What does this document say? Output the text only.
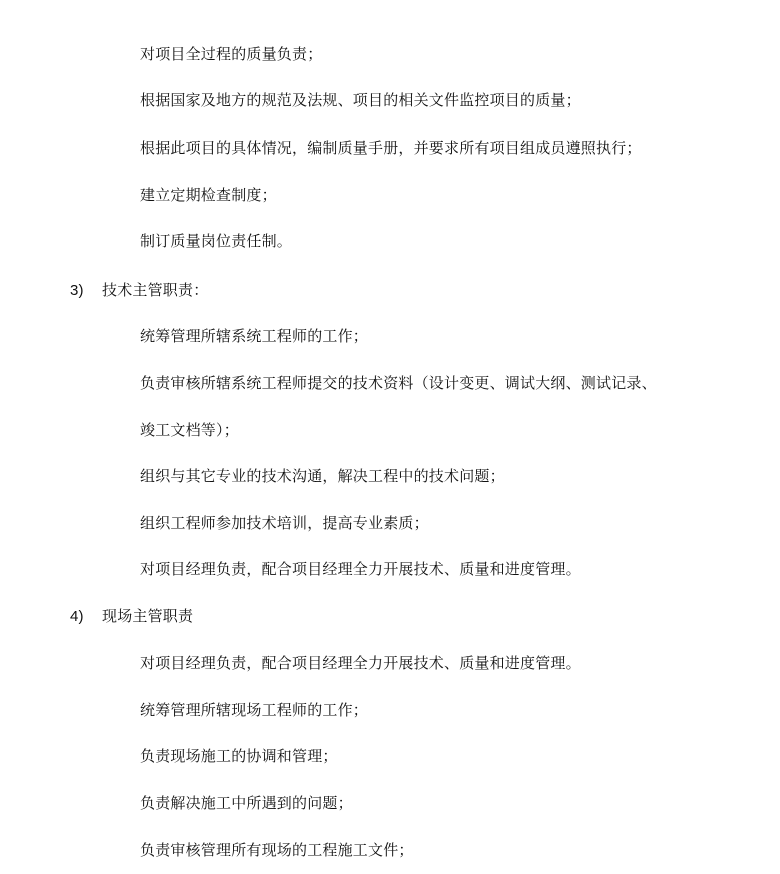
对项目全过程的质量负责；
根据国家及地方的规范及法规、项目的相关文件监控项目的质量；
根据此项目的具体情况，编制质量手册，并要求所有项目组成员遵照执行；
建立定期检查制度；
制订质量岗位责任制。
3) 技术主管职责：
统筹管理所辖系统工程师的工作；
负责审核所辖系统工程师提交的技术资料（设计变更、调试大纲、测试记录、
竣工文档等）；
组织与其它专业的技术沟通，解决工程中的技术问题；
组织工程师参加技术培训，提高专业素质；
对项目经理负责，配合项目经理全力开展技术、质量和进度管理。
4) 现场主管职责
对项目经理负责，配合项目经理全力开展技术、质量和进度管理。
统筹管理所辖现场工程师的工作；
负责现场施工的协调和管理；
负责解决施工中所遇到的问题；
负责审核管理所有现场的工程施工文件；
